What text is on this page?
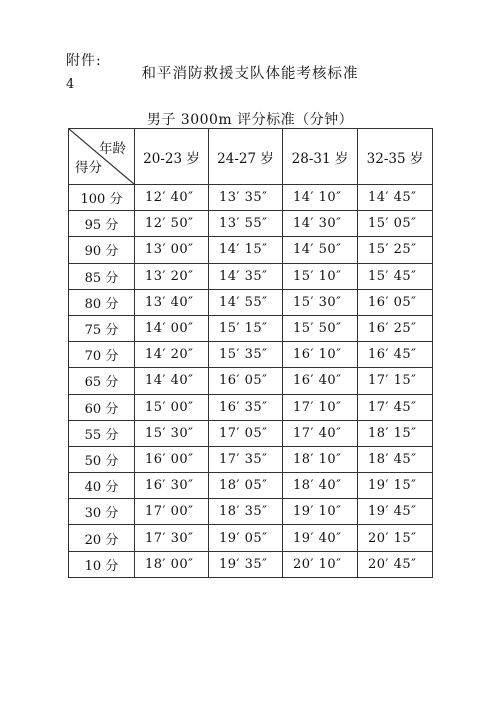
附件:
4
和平消防救援支队体能考核标准
男子 3000m 评分标准（分钟）
年龄
得分	20-23 岁	24-27 岁	28-31 岁	32-35 岁
100 分	12′ 40″	13′ 35″	14′ 10″	14′ 45″
95 分	12′ 50″	13′ 55″	14′ 30″	15′ 05″
90 分	13′ 00″	14′ 15″	14′ 50″	15′ 25″
85 分	13′ 20″	14′ 35″	15′ 10″	15′ 45″
80 分	13′ 40″	14′ 55″	15′ 30″	16′ 05″
75 分	14′ 00″	15′ 15″	15′ 50″	16′ 25″
70 分	14′ 20″	15′ 35″	16′ 10″	16′ 45″
65 分	14′ 40″	16′ 05″	16′ 40″	17′ 15″
60 分	15′ 00″	16′ 35″	17′ 10″	17′ 45″
55 分	15′ 30″	17′ 05″	17′ 40″	18′ 15″
50 分	16′ 00″	17′ 35″	18′ 10″	18′ 45″
40 分	16′ 30″	18′ 05″	18′ 40″	19′ 15″
30 分	17′ 00″	18′ 35″	19′ 10″	19′ 45″
20 分	17′ 30″	19′ 05″	19′ 40″	20′ 15″
10 分	18′ 00″	19′ 35″	20′ 10″	20′ 45″
